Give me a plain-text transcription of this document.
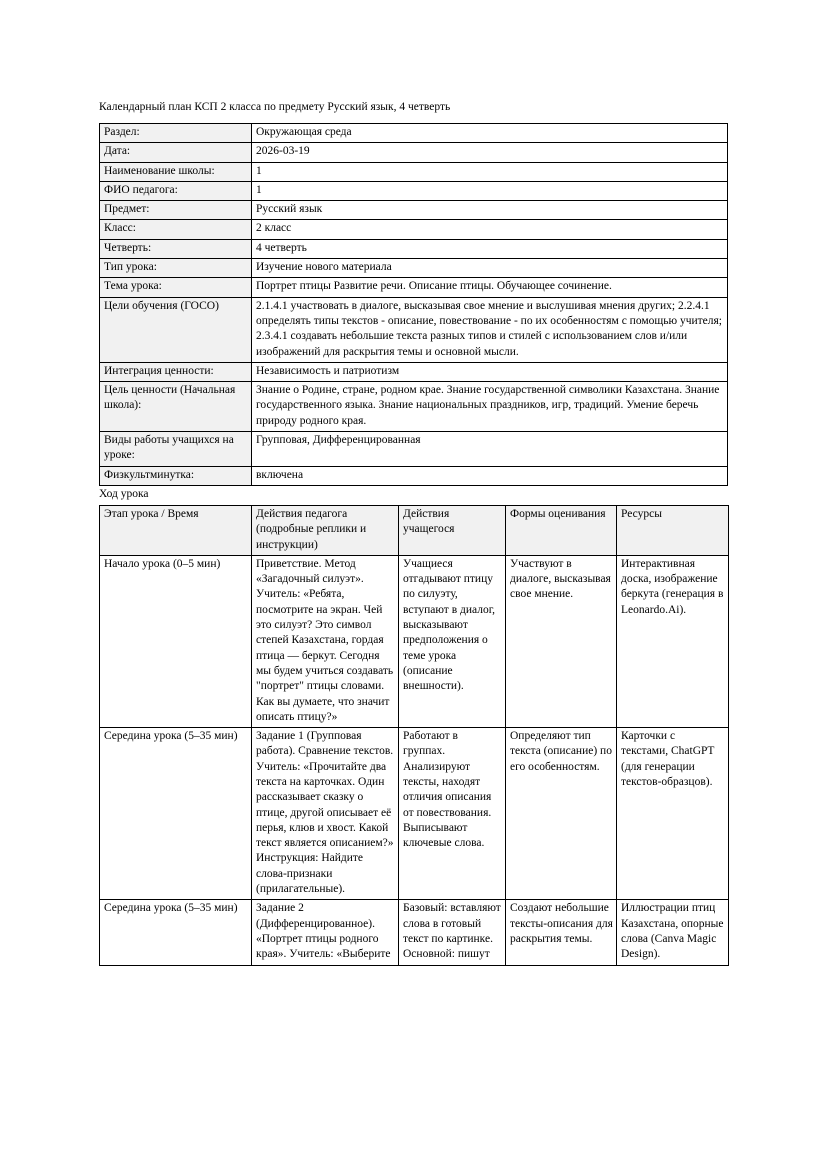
Календарный план КСП 2 класса по предмету Русский язык, 4 четверть
Раздел:	Окружающая среда
Дата:	2026-03-19
Наименование школы:	1
ФИО педагога:	1
Предмет:	Русский язык
Класс:	2 класс
Четверть:	4 четверть
Тип урока:	Изучение нового материала
Тема урока:	Портрет птицы Развитие речи. Описание птицы. Обучающее сочинение.
Цели обучения (ГОСО)	2.1.4.1 участвовать в диалоге, высказывая свое мнение и выслушивая мнения других; 2.2.4.1 определять типы текстов - описание, повествование - по их особенностям с помощью учителя; 2.3.4.1 создавать небольшие текста разных типов и стилей с использованием слов и/или изображений для раскрытия темы и основной мысли.
Интеграция ценности:	Независимость и патриотизм
Цель ценности (Начальная школа):	Знание о Родине, стране, родном крае. Знание государственной символики Казахстана. Знание государственного языка. Знание национальных праздников, игр, традиций. Умение беречь природу родного края.
Виды работы учащихся на уроке:	Групповая, Дифференцированная
Физкультминутка:	включена
Ход урока
Этап урока / Время	Действия педагога (подробные реплики и инструкции)	Действия учащегося	Формы оценивания	Ресурсы
Начало урока (0–5 мин)	Приветствие. Метод «Загадочный силуэт». Учитель: «Ребята, посмотрите на экран. Чей это силуэт? Это символ степей Казахстана, гордая птица — беркут. Сегодня мы будем учиться создавать "портрет" птицы словами. Как вы думаете, что значит описать птицу?»	Учащиеся отгадывают птицу по силуэту, вступают в диалог, высказывают предположения о теме урока (описание внешности).	Участвуют в диалоге, высказывая свое мнение.	Интерактивная доска, изображение беркута (генерация в Leonardo.Ai).
Середина урока (5–35 мин)	Задание 1 (Групповая работа). Сравнение текстов. Учитель: «Прочитайте два текста на карточках. Один рассказывает сказку о птице, другой описывает её перья, клюв и хвост. Какой текст является описанием?» Инструкция: Найдите слова-признаки (прилагательные).	Работают в группах. Анализируют тексты, находят отличия описания от повествования. Выписывают ключевые слова.	Определяют тип текста (описание) по его особенностям.	Карточки с текстами, ChatGPT (для генерации текстов-образцов).
Середина урока (5–35 мин)	Задание 2 (Дифференцированное). «Портрет птицы родного края». Учитель: «Выберите	Базовый: вставляют слова в готовый текст по картинке. Основной: пишут	Создают небольшие тексты-описания для раскрытия темы.	Иллюстрации птиц Казахстана, опорные слова (Canva Magic Design).
